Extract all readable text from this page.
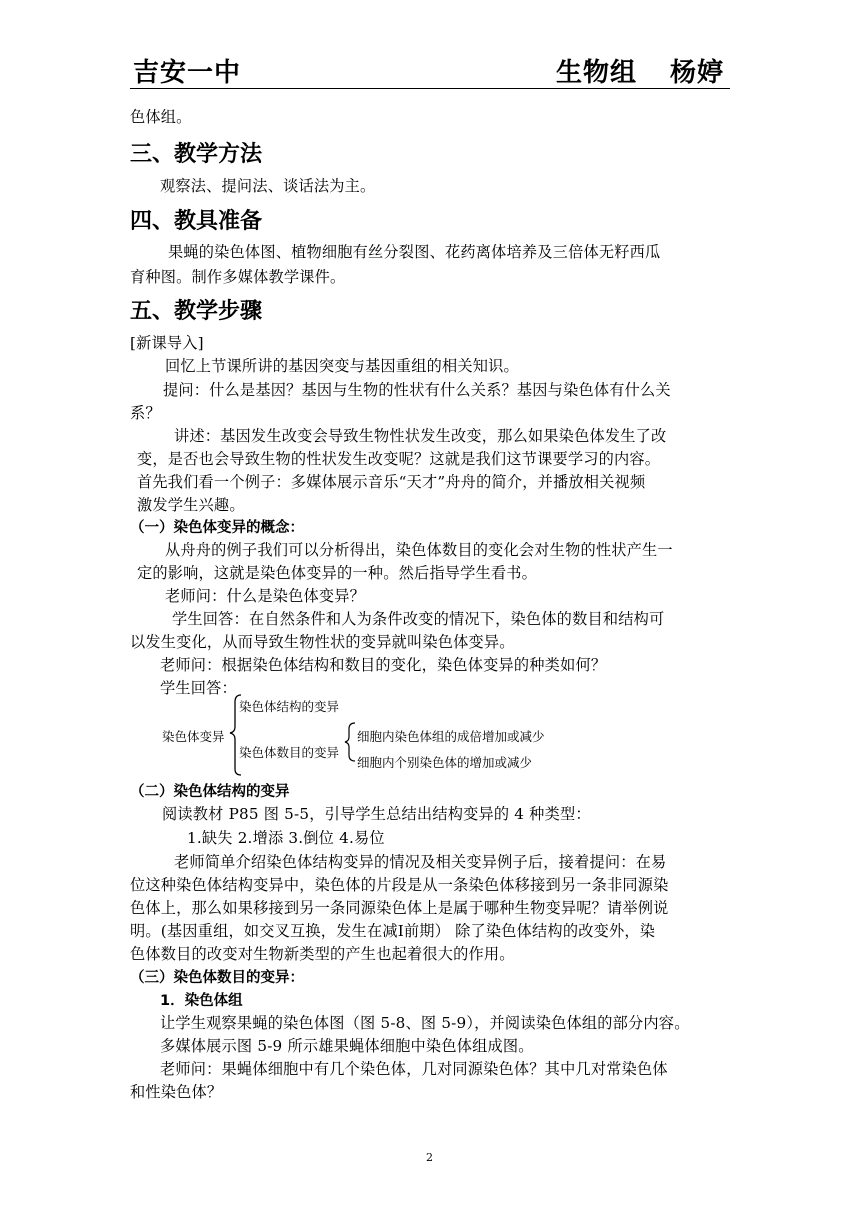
吉安一中	生物组 杨婷
色体组。
三、教学方法
观察法、提问法、谈话法为主。
四、教具准备
果蝇的染色体图、植物细胞有丝分裂图、花药离体培养及三倍体无籽西瓜
育种图。制作多媒体教学课件。
五、教学步骤
[新课导入]
回忆上节课所讲的基因突变与基因重组的相关知识。
提问：什么是基因？基因与生物的性状有什么关系？基因与染色体有什么关
系？
讲述：基因发生改变会导致生物性状发生改变，那么如果染色体发生了改
变，是否也会导致生物的性状发生改变呢？这就是我们这节课要学习的内容。
首先我们看一个例子：多媒体展示音乐“天才”舟舟的简介，并播放相关视频
激发学生兴趣。
（一）染色体变异的概念：
从舟舟的例子我们可以分析得出，染色体数目的变化会对生物的性状产生一
定的影响，这就是染色体变异的一种。然后指导学生看书。
老师问：什么是染色体变异？
学生回答：在自然条件和人为条件改变的情况下，染色体的数目和结构可
以发生变化，从而导致生物性状的变异就叫染色体变异。
老师问：根据染色体结构和数目的变化，染色体变异的种类如何？
学生回答：
染色体变异
染色体结构的变异
染色体数目的变异
细胞内染色体组的成倍增加或减少
细胞内个别染色体的增加或减少
（二）染色体结构的变异
阅读教材 P85 图 5-5，引导学生总结出结构变异的 4 种类型：
1.缺失 2.增添 3.倒位 4.易位
老师简单介绍染色体结构变异的情况及相关变异例子后，接着提问：在易
位这种染色体结构变异中，染色体的片段是从一条染色体移接到另一条非同源染
色体上，那么如果移接到另一条同源染色体上是属于哪种生物变异呢？请举例说
明。(基因重组，如交叉互换，发生在减Ⅰ前期） 除了染色体结构的改变外，染
色体数目的改变对生物新类型的产生也起着很大的作用。
（三）染色体数目的变异：
1．染色体组
让学生观察果蝇的染色体图（图 5-8、图 5-9），并阅读染色体组的部分内容。
多媒体展示图 5-9 所示雄果蝇体细胞中染色体组成图。
老师问：果蝇体细胞中有几个染色体，几对同源染色体？其中几对常染色体
和性染色体？
2
